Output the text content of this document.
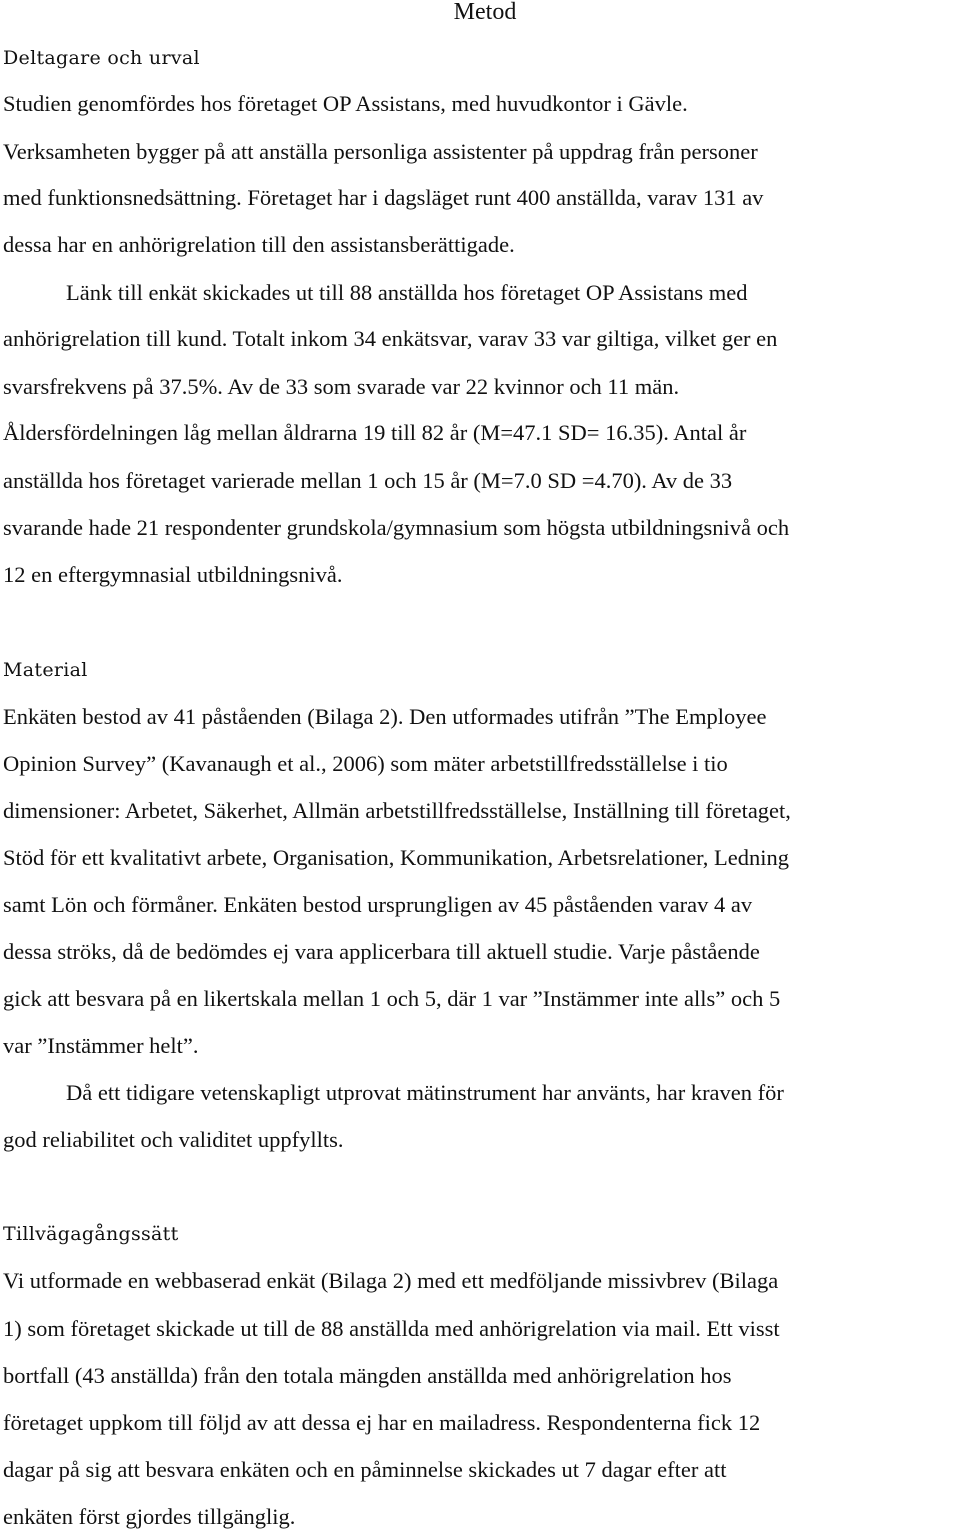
Metod
Deltagare och urval

Studien genomfördes hos företaget OP Assistans, med huvudkontor i Gävle.

Verksamheten bygger på att anställa personliga assistenter på uppdrag från personer

med funktionsnedsättning. Företaget har i dagsläget runt 400 anställda, varav 131 av

dessa har en anhörigrelation till den assistansberättigade.

Länk till enkät skickades ut till 88 anställda hos företaget OP Assistans med

anhörigrelation till kund. Totalt inkom 34 enkätsvar, varav 33 var giltiga, vilket ger en

svarsfrekvens på 37.5%. Av de 33 som svarade var 22 kvinnor och 11 män.

Åldersfördelningen låg mellan åldrarna 19 till 82 år (M=47.1 SD= 16.35). Antal år

anställda hos företaget varierade mellan 1 och 15 år (M=7.0 SD =4.70). Av de 33

svarande hade 21 respondenter grundskola/gymnasium som högsta utbildningsnivå och

12 en eftergymnasial utbildningsnivå.

Material

Enkäten bestod av 41 påståenden (Bilaga 2). Den utformades utifrån ”The Employee

Opinion Survey” (Kavanaugh et al., 2006) som mäter arbetstillfredsställelse i tio

dimensioner: Arbetet, Säkerhet, Allmän arbetstillfredsställelse, Inställning till företaget,

Stöd för ett kvalitativt arbete, Organisation, Kommunikation, Arbetsrelationer, Ledning

samt Lön och förmåner. Enkäten bestod ursprungligen av 45 påståenden varav 4 av

dessa ströks, då de bedömdes ej vara applicerbara till aktuell studie. Varje påstående

gick att besvara på en likertskala mellan 1 och 5, där 1 var ”Instämmer inte alls” och 5

var ”Instämmer helt”.

Då ett tidigare vetenskapligt utprovat mätinstrument har använts, har kraven för

god reliabilitet och validitet uppfyllts.

Tillvägagångssätt

Vi utformade en webbaserad enkät (Bilaga 2) med ett medföljande missivbrev (Bilaga

1) som företaget skickade ut till de 88 anställda med anhörigrelation via mail. Ett visst

bortfall (43 anställda) från den totala mängden anställda med anhörigrelation hos

företaget uppkom till följd av att dessa ej har en mailadress. Respondenterna fick 12

dagar på sig att besvara enkäten och en påminnelse skickades ut 7 dagar efter att

enkäten först gjordes tillgänglig.
